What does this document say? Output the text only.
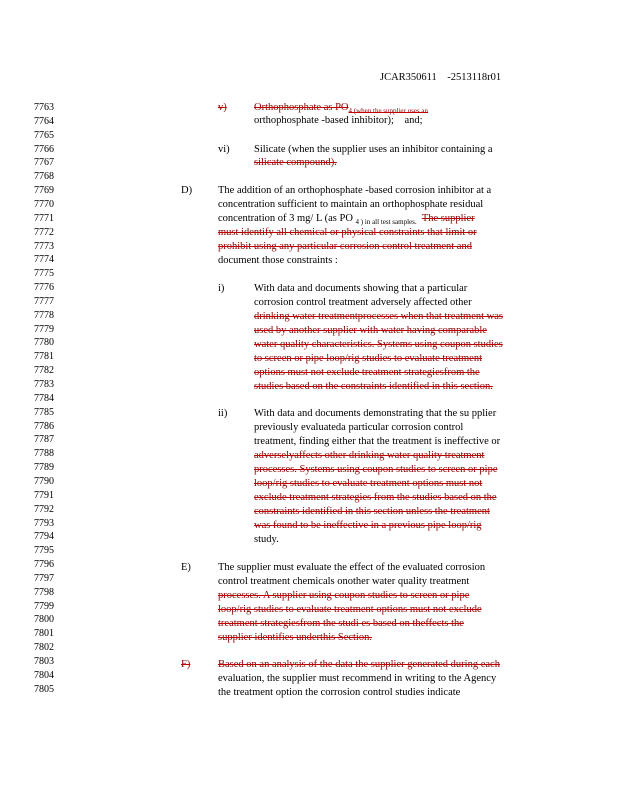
JCAR350611    -2513118r01
7763
7764
7765
7766
7767
7768
7769
7770
7771
7772
7773
7774
7775
7776
7777
7778
7779
7780
7781
7782
7783
7784
7785
7786
7787
7788
7789
7790
7791
7792
7793
7794
7795
7796
7797
7798
7799
7800
7801
7802
7803
7804
7805
v)	Orthophosphate as $PO_{4 (when the supplier uses an}$
orthophosphate -based inhibitor); and;
vi) Silicate (when the supplier uses an inhibitor containing a
silicate compound).
D) The addition of an orthophosphate -based corrosion inhibitor at a
concentration sufficient to maintain an orthophosphate residual
concentration of 3 mg/ L (as PO $_{4 ) in all test samples.}$ The supplier
must identify all chemical or physical constraints that limit or
prohibit using any particular corrosion control treatment and
document those constraints :
i)	With data and documents showing that a particular
corrosion control treatment adversely affected other
drinking water treatmentprocesses when that treatment was
used by another supplier with water having comparable
water quality characteristics. Systems using coupon studies
to screen or pipe loop/rig studies to evaluate treatment
options must not exclude treatment strategiesfrom the
studies based on the constraints identified in this section.
ii)	With data and documents demonstrating that the su pplier
previously evaluateda particular corrosion control
treatment, finding either that the treatment is ineffective or
adverselyaffects other drinking water quality treatment
processes. Systems using coupon studies to screen or pipe
loop/rig studies to evaluate treatment options must not
exclude treatment strategies from the studies based on the
constraints identified in this section unless the treatment
was found to be ineffective in a previous pipe loop/rig
study.
E)	The supplier must evaluate the effect of the evaluated corrosion
control treatment chemicals onother water quality treatment
processes. A supplier using coupon studies to screen or pipe
loop/rig studies to evaluate treatment options must not exclude
treatment strategiesfrom the studi es based on theffects the
supplier identifies underthis Section.
F)	Based on an analysis of the data the supplier generated during each
evaluation, the supplier must recommend in writing to the Agency
the treatment option the corrosion control studies indicate
